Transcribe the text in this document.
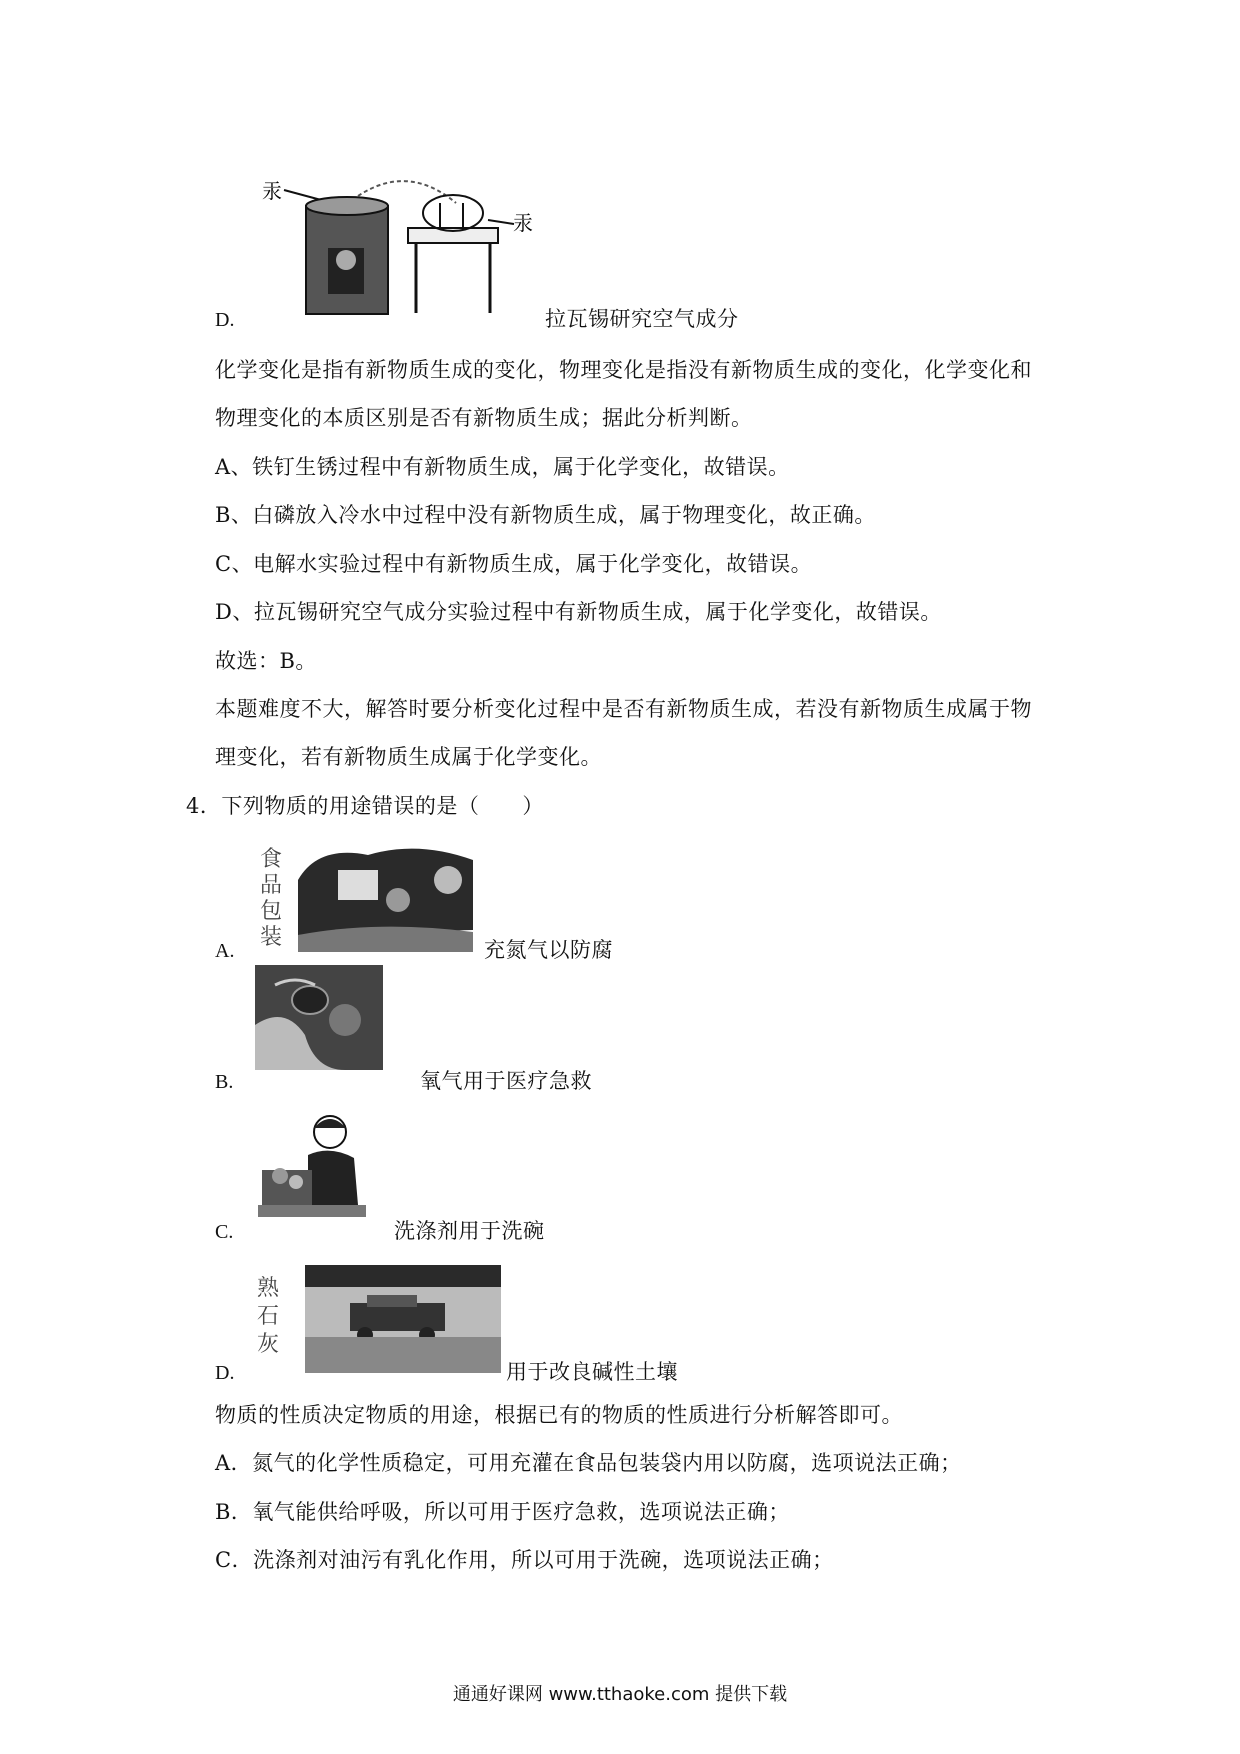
汞
汞
D.	拉瓦锡研究空气成分
化学变化是指有新物质生成的变化，物理变化是指没有新物质生成的变化，化学变化和
物理变化的本质区别是否有新物质生成；据此分析判断。
A、铁钉生锈过程中有新物质生成，属于化学变化，故错误。
B、白磷放入冷水中过程中没有新物质生成，属于物理变化，故正确。
C、电解水实验过程中有新物质生成，属于化学变化，故错误。
D、拉瓦锡研究空气成分实验过程中有新物质生成，属于化学变化，故错误。
故选：B。
本题难度不大，解答时要分析变化过程中是否有新物质生成，若没有新物质生成属于物
理变化，若有新物质生成属于化学变化。
4．下列物质的用途错误的是（　　）
食
品
包
装
A.	充氮气以防腐
B.	氧气用于医疗急救
C.	洗涤剂用于洗碗
熟
石
灰
D.	用于改良碱性土壤
物质的性质决定物质的用途，根据已有的物质的性质进行分析解答即可。
A．氮气的化学性质稳定，可用充灌在食品包装袋内用以防腐，选项说法正确；
B．氧气能供给呼吸，所以可用于医疗急救，选项说法正确；
C．洗涤剂对油污有乳化作用，所以可用于洗碗，选项说法正确；
通通好课网 www.tthaoke.com 提供下载
